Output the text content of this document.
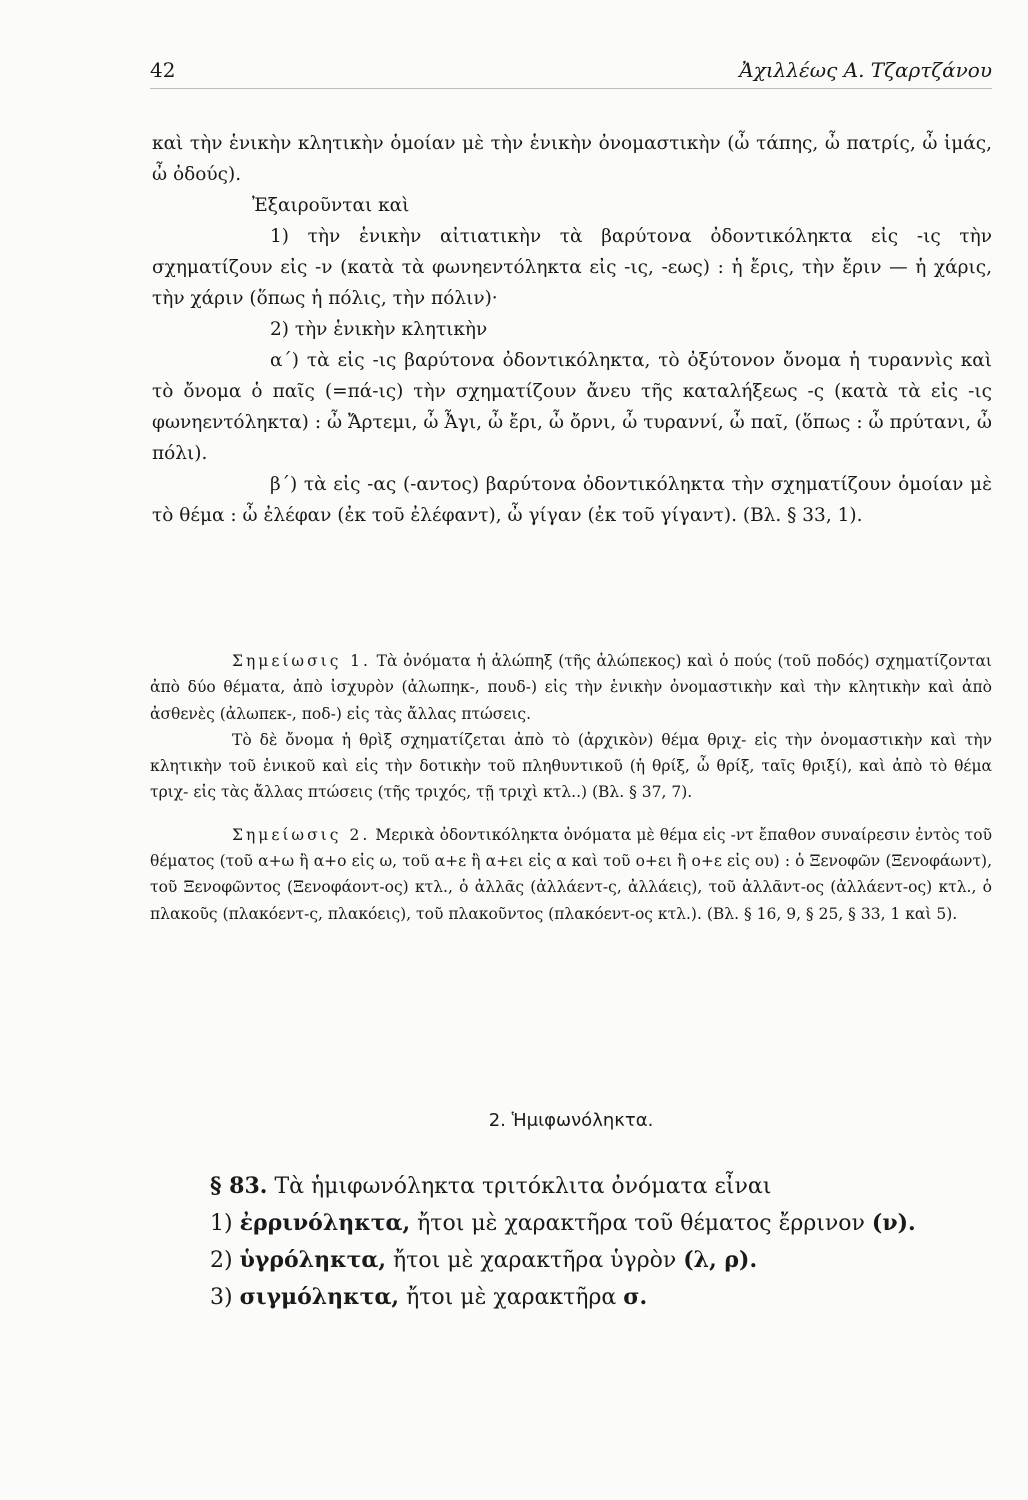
42	Ἀχιλλέως Α. Τζαρτζάνου

καὶ τὴν ἑνικὴν κλητικὴν ὁμοίαν μὲ τὴν ἑνικὴν ὀνομαστικὴν (ὦ τάπης, ὦ πατρίς, ὦ ἱμάς, ὦ ὀδούς).

Ἐξαιροῦνται καὶ

1) τὴν ἑνικὴν αἰτιατικὴν τὰ βαρύτονα ὀδοντικόληκτα εἰς -ις τὴν σχηματίζουν εἰς -ν (κατὰ τὰ φωνηεντόληκτα εἰς -ις, -εως) : ἡ ἔρις, τὴν ἔριν — ἡ χάρις, τὴν χάριν (ὅπως ἡ πόλις, τὴν πόλιν)·

2) τὴν ἑνικὴν κλητικὴν

α΄) τὰ εἰς -ις βαρύτονα ὀδοντικόληκτα, τὸ ὀξύτονον ὄνομα ἡ τυραννὶς καὶ τὸ ὄνομα ὁ παῖς (=πά-ις) τὴν σχηματίζουν ἄνευ τῆς καταλήξεως -ς (κατὰ τὰ εἰς -ις φωνηεντόληκτα) : ὦ Ἄρτεμι, ὦ Ἆγι, ὦ ἔρι, ὦ ὄρνι, ὦ τυραννί, ὦ παῖ, (ὅπως : ὦ πρύτανι, ὦ πόλι).

β΄) τὰ εἰς -ας (-αντος) βαρύτονα ὀδοντικόληκτα τὴν σχηματίζουν ὁμοίαν μὲ τὸ θέμα : ὦ ἐλέφαν (ἐκ τοῦ ἐλέφαντ), ὦ γίγαν (ἐκ τοῦ γίγαντ). (Βλ. § 33, 1).

Σημείωσις 1. Τὰ ὀνόματα ἡ ἀλώπηξ (τῆς ἀλώπεκος) καὶ ὁ πούς (τοῦ ποδός) σχηματίζονται ἀπὸ δύο θέματα, ἀπὸ ἰσχυρὸν (ἀλωπηκ-, πουδ-) εἰς τὴν ἑνικὴν ὀνομαστικὴν καὶ τὴν κλητικὴν καὶ ἀπὸ ἀσθενὲς (ἀλωπεκ-, ποδ-) εἰς τὰς ἄλλας πτώσεις.

Τὸ δὲ ὄνομα ἡ θρὶξ σχηματίζεται ἀπὸ τὸ (ἀρχικὸν) θέμα θριχ- εἰς τὴν ὀνομαστικὴν καὶ τὴν κλητικὴν τοῦ ἑνικοῦ καὶ εἰς τὴν δοτικὴν τοῦ πληθυντικοῦ (ἡ θρίξ, ὦ θρίξ, ταῖς θριξί), καὶ ἀπὸ τὸ θέμα τριχ- εἰς τὰς ἄλλας πτώσεις (τῆς τριχός, τῇ τριχὶ κτλ..) (Βλ. § 37, 7).

Σημείωσις 2. Μερικὰ ὀδοντικόληκτα ὀνόματα μὲ θέμα εἰς -ντ ἔπαθον συναίρεσιν ἐντὸς τοῦ θέματος (τοῦ α+ω ἢ α+ο εἰς ω, τοῦ α+ε ἢ α+ει εἰς α καὶ τοῦ ο+ει ἢ ο+ε εἰς ου) : ὁ Ξενοφῶν (Ξενοφάωντ), τοῦ Ξενοφῶντος (Ξενοφάοντ-ος) κτλ., ὁ ἀλλᾶς (ἀλλάεντ-ς, ἀλλάεις), τοῦ ἀλλᾶντ-ος (ἀλλάεντ-ος) κτλ., ὁ πλακοῦς (πλακόεντ-ς, πλακόεις), τοῦ πλακοῦντος (πλακόεντ-ος κτλ.). (Βλ. § 16, 9, § 25, § 33, 1 καὶ 5).

2. Ἡμιφωνόληκτα.

§ 83. Τὰ ἡμιφωνόληκτα τριτόκλιτα ὀνόματα εἶναι

1) ἐρρινόληκτα, ἤτοι μὲ χαρακτῆρα τοῦ θέματος ἔρρινον (ν).

2) ὑγρόληκτα, ἤτοι μὲ χαρακτῆρα ὑγρὸν (λ, ρ).

3) σιγμόληκτα, ἤτοι μὲ χαρακτῆρα σ.
